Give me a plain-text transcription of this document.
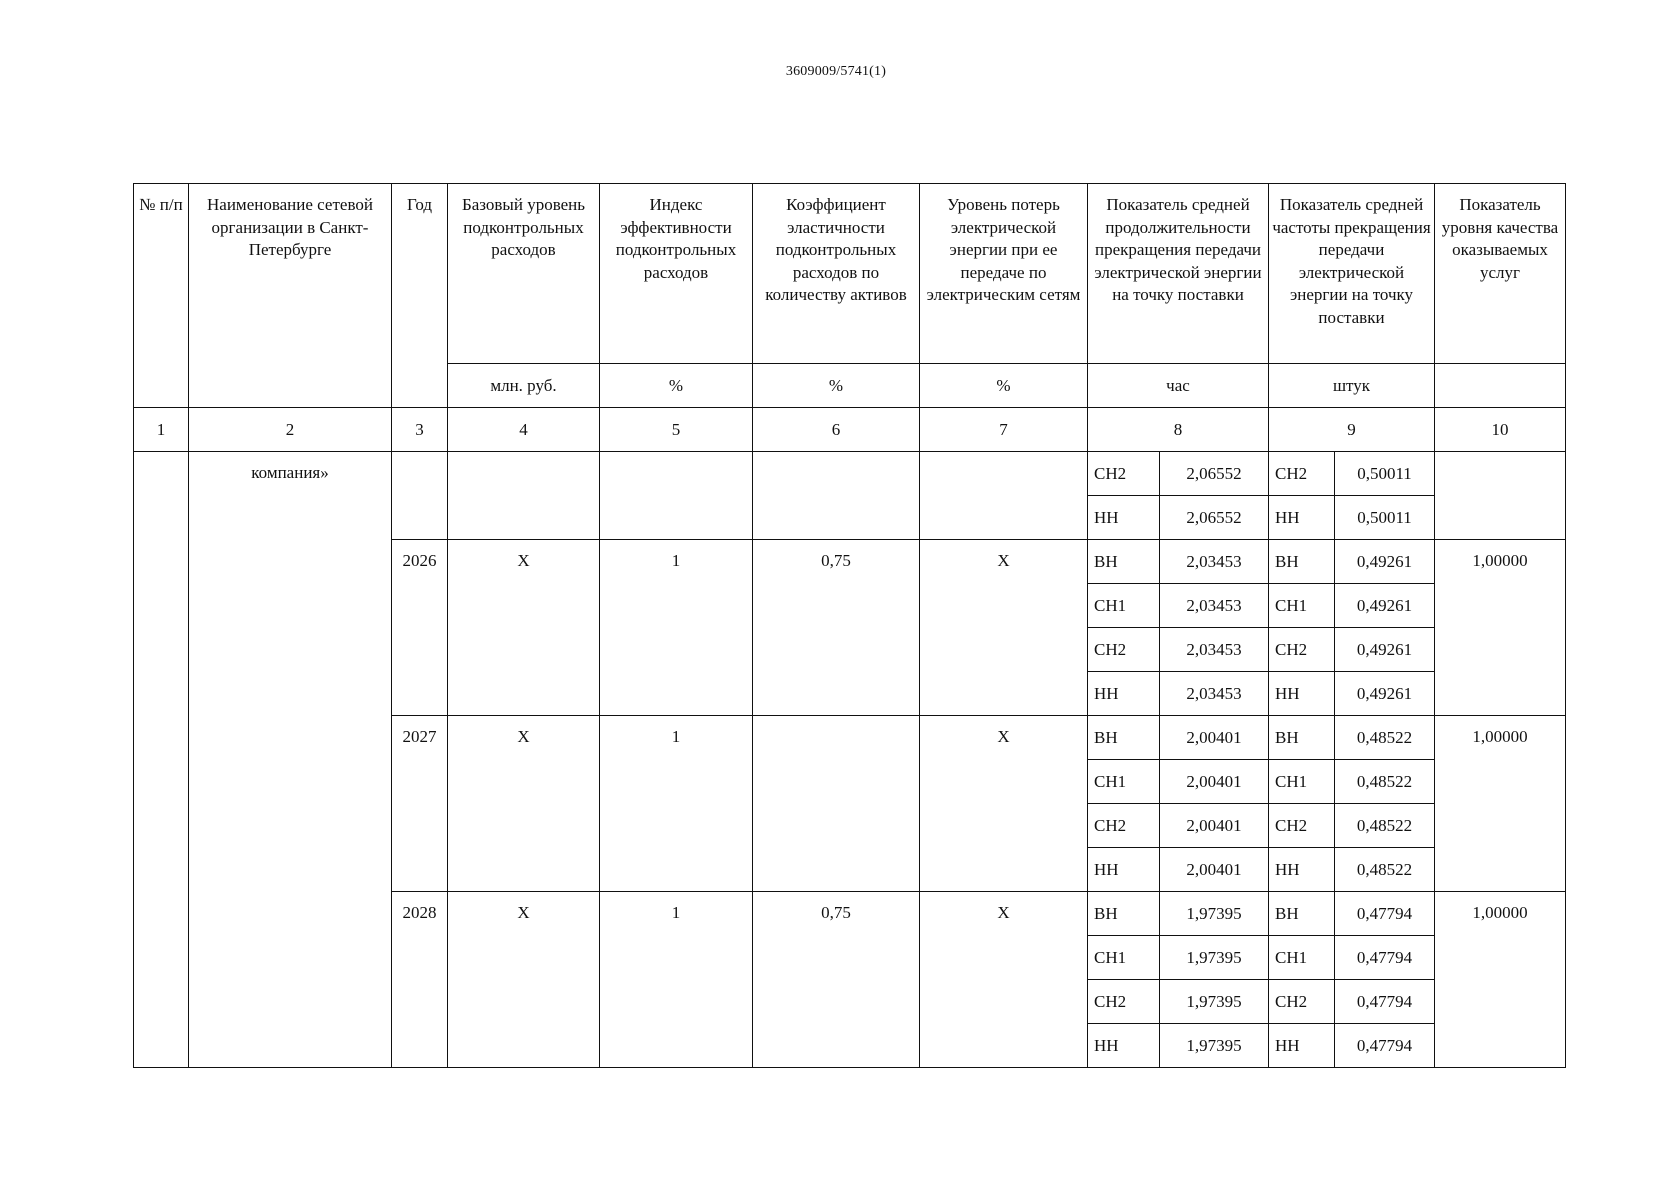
3609009/5741(1)
№ п/п	Наименование сетевой организации в Санкт-Петербурге	Год	Базовый уровень подконтрольных расходов	Индекс эффективности подконтрольных расходов	Коэффициент эластичности подконтрольных расходов по количеству активов	Уровень потерь электрической энергии при ее передаче по электрическим сетям	Показатель средней продолжительности прекращения передачи электрической энергии на точку поставки		Показатель средней частоты прекращения передачи электрической энергии на точку поставки		Показатель уровня качества оказываемых услуг
			млн. руб.	%	%	%	час		штук		
1	2	3	4	5	6	7	8		9		10
	компания»						СН2	2,06552	СН2	0,50011	
							НН	2,06552	НН	0,50011	
		2026	Х	1	0,75	Х	ВН	2,03453	ВН	0,49261	1,00000
							СН1	2,03453	СН1	0,49261	
							СН2	2,03453	СН2	0,49261	
							НН	2,03453	НН	0,49261	
		2027	Х	1		Х	ВН	2,00401	ВН	0,48522	1,00000
							СН1	2,00401	СН1	0,48522	
							СН2	2,00401	СН2	0,48522	
							НН	2,00401	НН	0,48522	
		2028	Х	1	0,75	Х	ВН	1,97395	ВН	0,47794	1,00000
							СН1	1,97395	СН1	0,47794	
							СН2	1,97395	СН2	0,47794	
							НН	1,97395	НН	0,47794	
